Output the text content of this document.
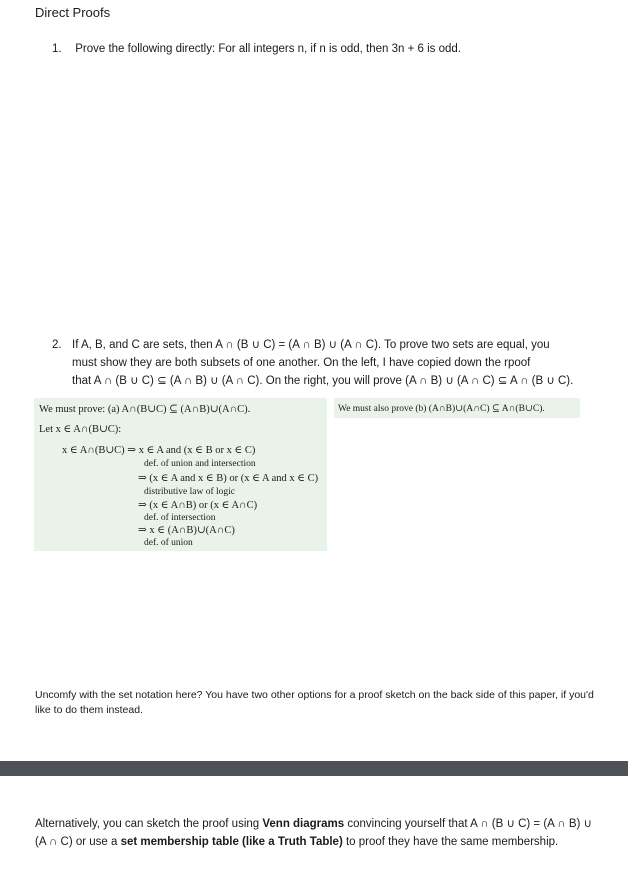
Direct Proofs
1. Prove the following directly: For all integers n, if n is odd, then 3n + 6 is odd.
2. If A, B, and C are sets, then A ∩ (B ∪ C) = (A ∩ B) ∪ (A ∩ C). To prove two sets are equal, you
must show they are both subsets of one another. On the left, I have copied down the rpoof
that A ∩ (B ∪ C) ⊆ (A ∩ B) ∪ (A ∩ C). On the right, you will prove (A ∩ B) ∪ (A ∩ C) ⊆ A ∩ (B ∪ C).
We must prove: (a) A∩(B∪C) ⊆ (A∩B)∪(A∩C).
Let x ∈ A∩(B∪C):
x ∈ A∩(B∪C) ⇒ x ∈ A and (x ∈ B or x ∈ C)
def. of union and intersection
⇒ (x ∈ A and x ∈ B) or (x ∈ A and x ∈ C)
distributive law of logic
⇒ (x ∈ A∩B) or (x ∈ A∩C)
def. of intersection
⇒ x ∈ (A∩B)∪(A∩C)
def. of union
We must also prove (b) (A∩B)∪(A∩C) ⊆ A∩(B∪C).
Uncomfy with the set notation here? You have two other options for a proof sketch on the back side of this paper, if you'd like to do them instead.
Alternatively, you can sketch the proof using Venn diagrams convincing yourself that A ∩ (B ∪ C) = (A ∩ B) ∪ (A ∩ C) or use a set membership table (like a Truth Table) to proof they have the same membership.
